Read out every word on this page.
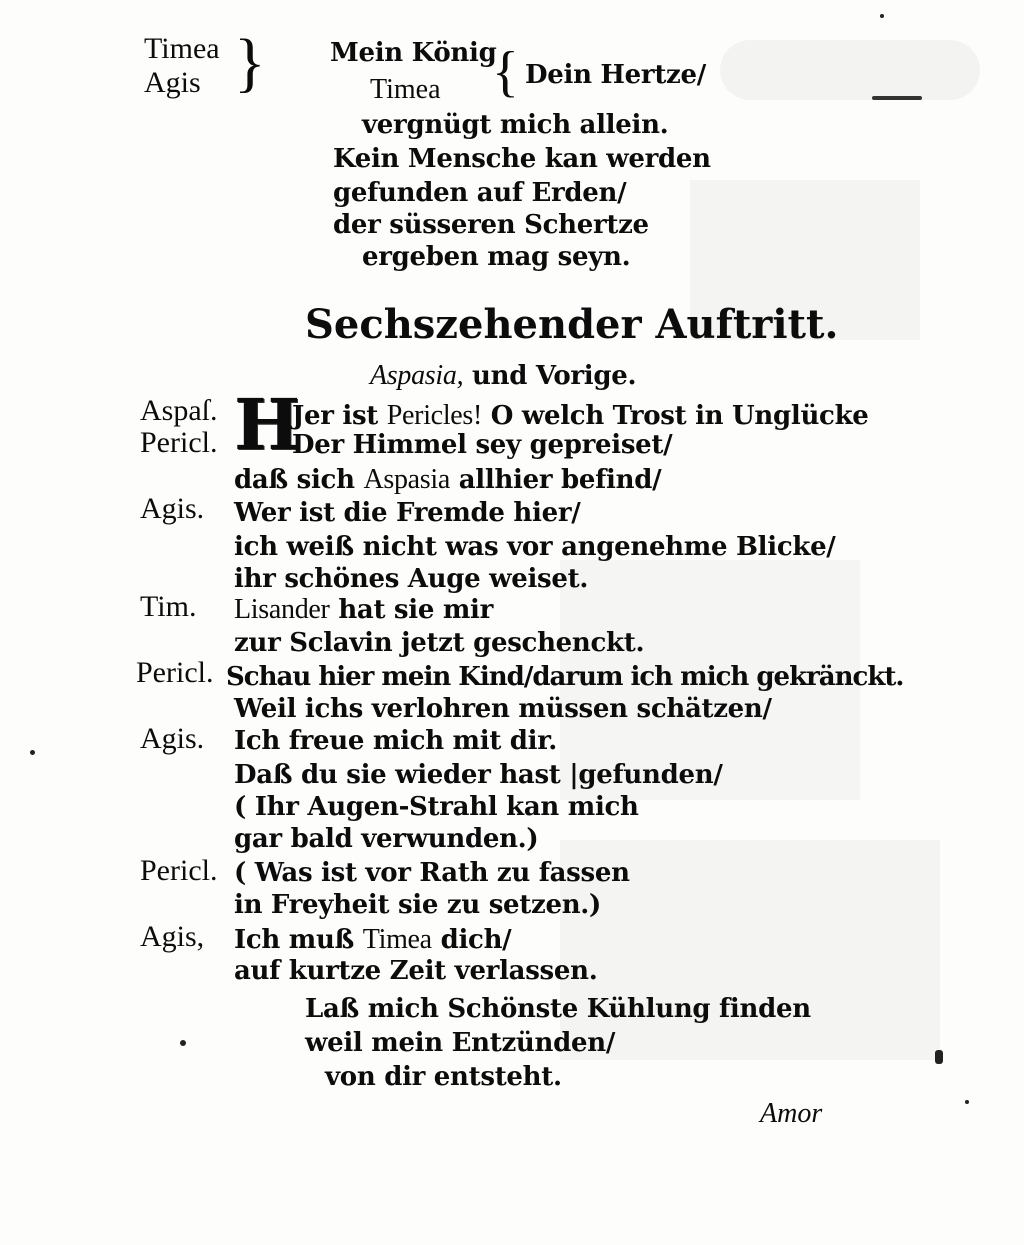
Timea
Agis } Mein König
{ Dein Hertze/
Timea
vergnügt mich allein.
Kein Mensche kan werden
gefunden auf Erden/
der süsseren Schertze
ergeben mag seyn.
Sechszehender Auftritt.
Aspasia, und Vorige.
Aspaſ.
Pericl.
Agis.
Tim.
Pericl.
Agis.
Pericl.
Agis,
H
Jer ist Pericles! O welch Trost in Unglücke
Der Himmel sey gepreiset/
daß sich Aspasia allhier befind/
Wer ist die Fremde hier/
ich weiß nicht was vor angenehme Blicke/
ihr schönes Auge weiset.
Lisander hat sie mir
zur Sclavin jetzt geschenckt.
Schau hier mein Kind/darum ich mich gekränckt.
Weil ichs verlohren müssen schätzen/
Ich freue mich mit dir.
Daß du sie wieder hast |gefunden/
( Ihr Augen-Strahl kan mich
gar bald verwunden.)
( Was ist vor Rath zu fassen
in Freyheit sie zu setzen.)
Ich muß Timea dich/
auf kurtze Zeit verlassen.
Laß mich Schönste Kühlung finden
weil mein Entzünden/
von dir entsteht.
Amor
